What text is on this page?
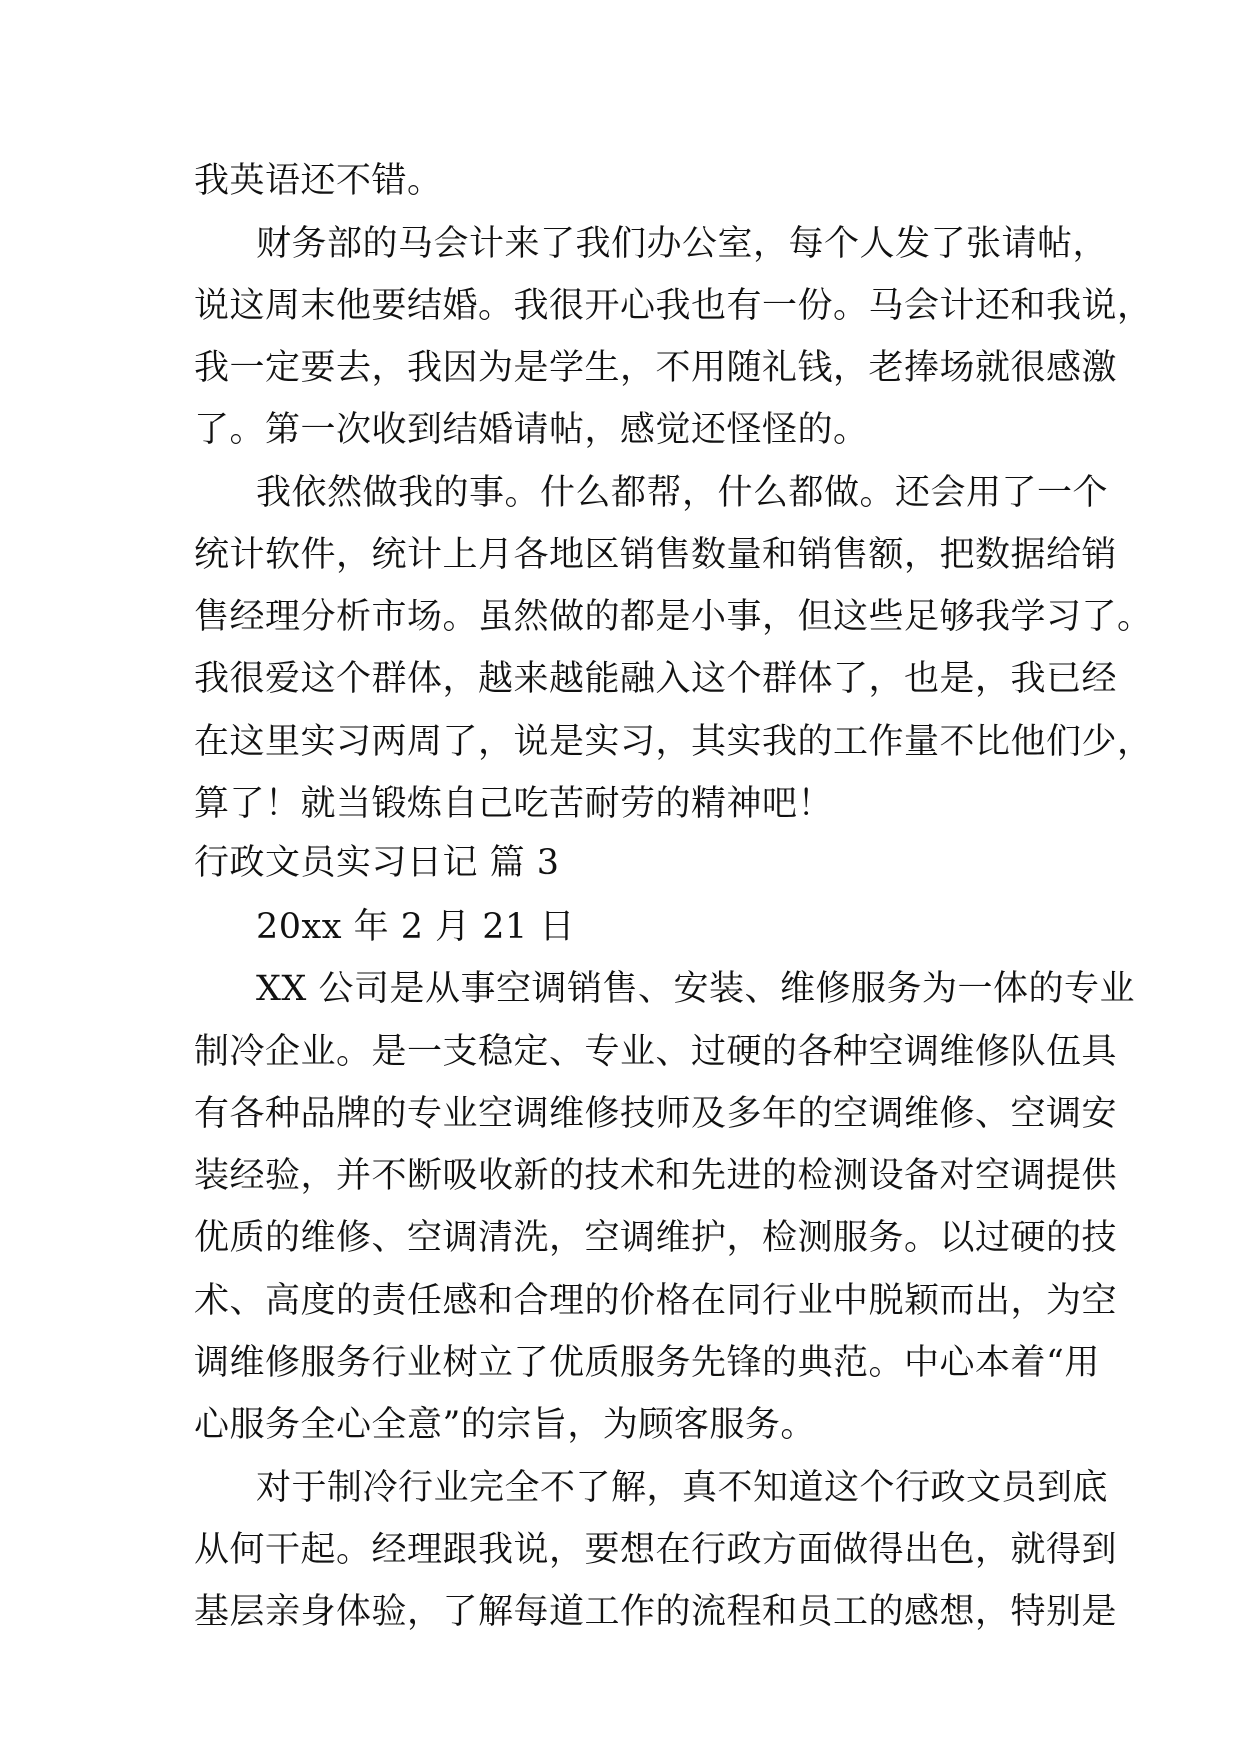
我英语还不错。
财务部的马会计来了我们办公室，每个人发了张请帖，
说这周末他要结婚。我很开心我也有一份。马会计还和我说，
我一定要去，我因为是学生，不用随礼钱，老捧场就很感激
了。第一次收到结婚请帖，感觉还怪怪的。
我依然做我的事。什么都帮，什么都做。还会用了一个
统计软件，统计上月各地区销售数量和销售额，把数据给销
售经理分析市场。虽然做的都是小事，但这些足够我学习了。
我很爱这个群体，越来越能融入这个群体了，也是，我已经
在这里实习两周了，说是实习，其实我的工作量不比他们少，
算了！就当锻炼自己吃苦耐劳的精神吧！
行政文员实习日记 篇 3
20xx 年 2 月 21 日
XX 公司是从事空调销售、安装、维修服务为一体的专业
制冷企业。是一支稳定、专业、过硬的各种空调维修队伍具
有各种品牌的专业空调维修技师及多年的空调维修、空调安
装经验，并不断吸收新的技术和先进的检测设备对空调提供
优质的维修、空调清洗，空调维护，检测服务。以过硬的技
术、高度的责任感和合理的价格在同行业中脱颖而出，为空
调维修服务行业树立了优质服务先锋的典范。中心本着“用
心服务全心全意”的宗旨，为顾客服务。
对于制冷行业完全不了解，真不知道这个行政文员到底
从何干起。经理跟我说，要想在行政方面做得出色，就得到
基层亲身体验，了解每道工作的流程和员工的感想，特别是
